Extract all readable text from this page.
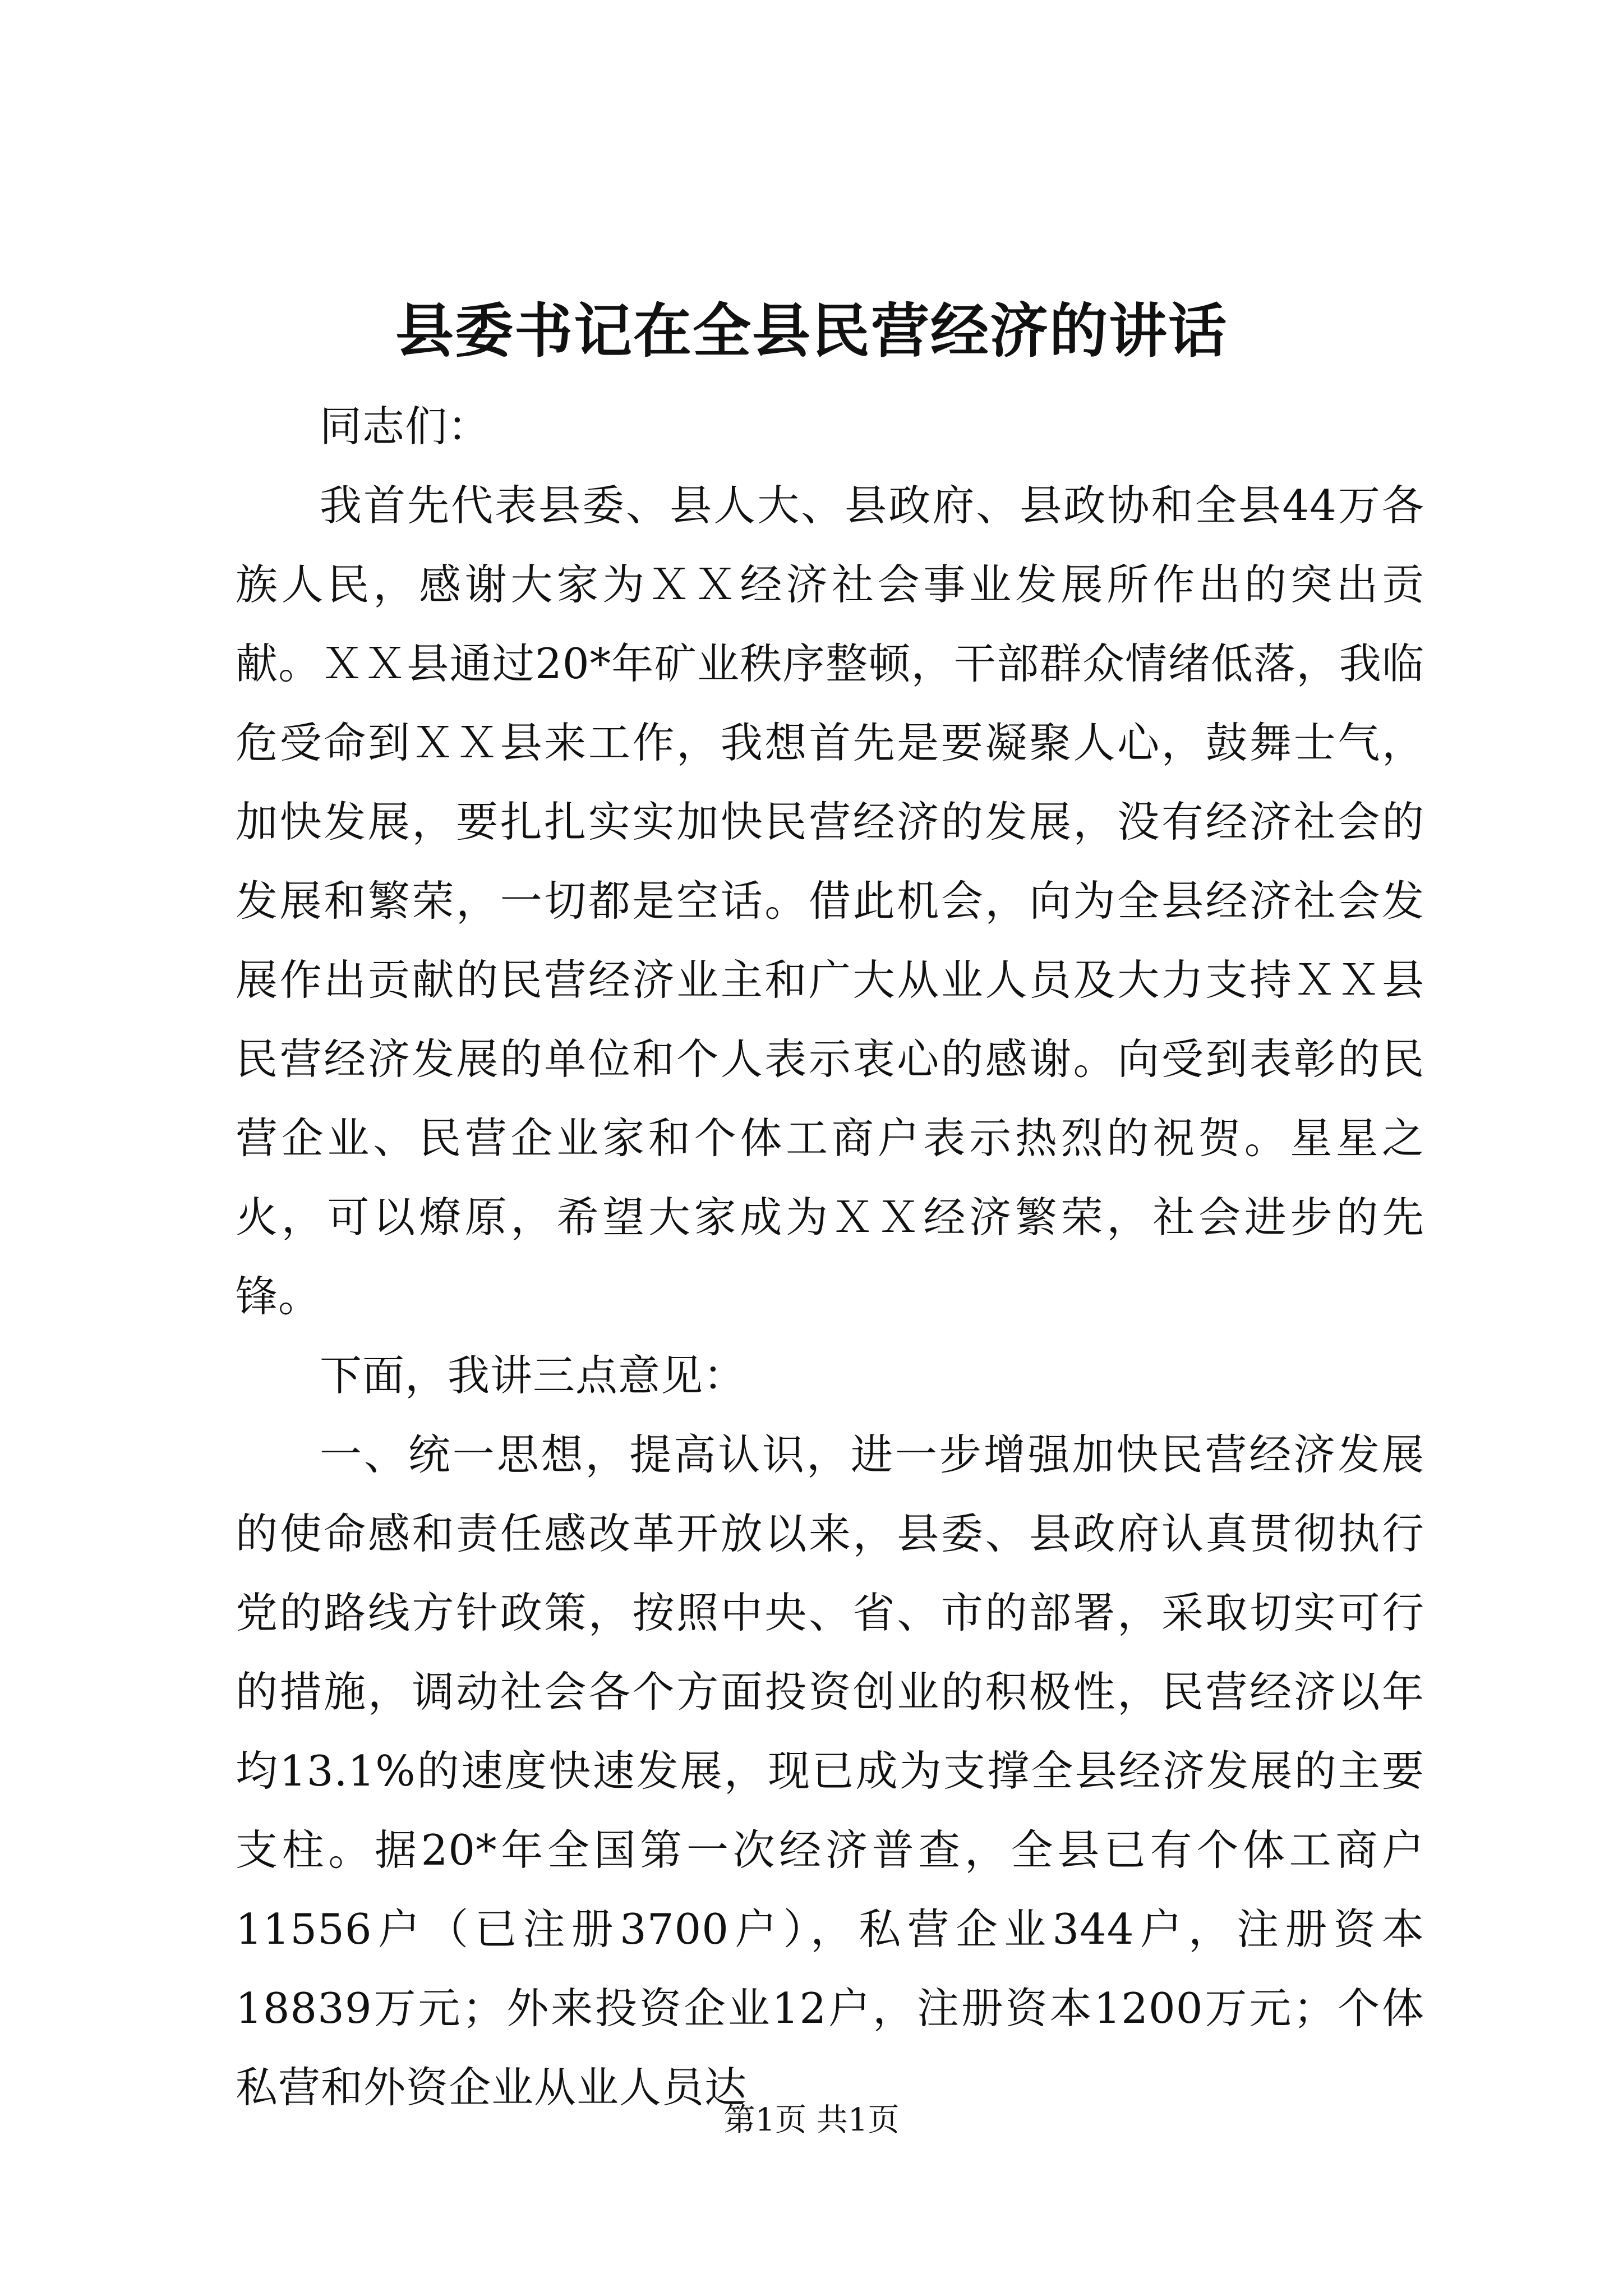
县委书记在全县民营经济的讲话

同志们：

我首先代表县委、县人大、县政府、县政协和全县44万各族人民，感谢大家为ＸＸ经济社会事业发展所作出的突出贡献。ＸＸ县通过20*年矿业秩序整顿，干部群众情绪低落，我临危受命到ＸＸ县来工作，我想首先是要凝聚人心，鼓舞士气，加快发展，要扎扎实实加快民营经济的发展，没有经济社会的发展和繁荣，一切都是空话。借此机会，向为全县经济社会发展作出贡献的民营经济业主和广大从业人员及大力支持ＸＸ县民营经济发展的单位和个人表示衷心的感谢。向受到表彰的民营企业、民营企业家和个体工商户表示热烈的祝贺。星星之火，可以燎原，希望大家成为ＸＸ经济繁荣，社会进步的先锋。

下面，我讲三点意见：

一、统一思想，提高认识，进一步增强加快民营经济发展的使命感和责任感改革开放以来，县委、县政府认真贯彻执行党的路线方针政策，按照中央、省、市的部署，采取切实可行的措施，调动社会各个方面投资创业的积极性，民营经济以年均13.1%的速度快速发展，现已成为支撑全县经济发展的主要支柱。据20*年全国第一次经济普查，全县已有个体工商户11556户（已注册3700户），私营企业344户，注册资本18839万元；外来投资企业12户，注册资本1200万元；个体私营和外资企业从业人员达

第1页 共1页
